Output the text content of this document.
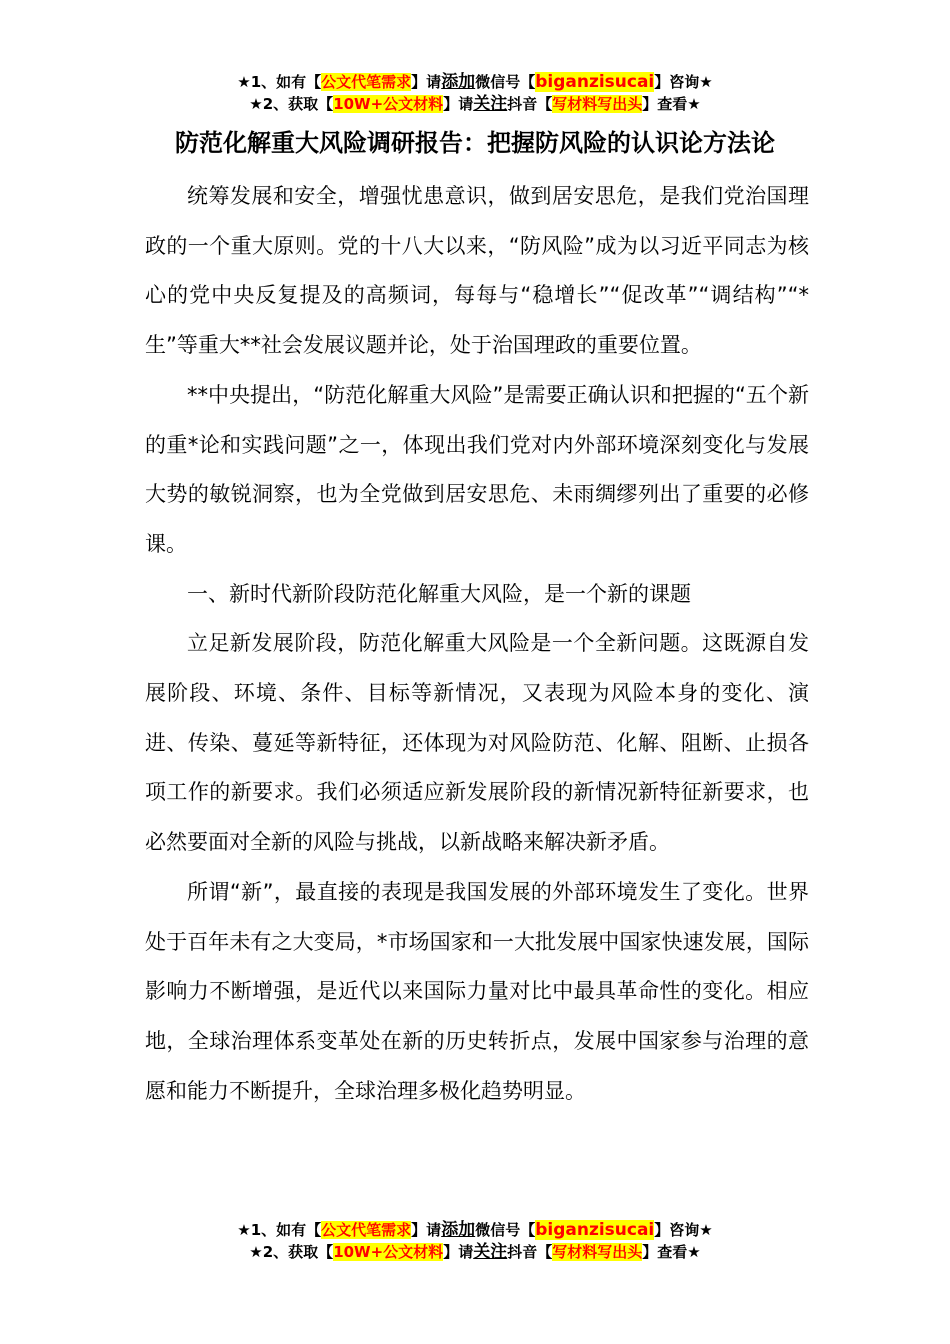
★1、如有【公文代笔需求】请添加微信号【biganzisucai】咨询★
★2、获取【10W+公文材料】请关注抖音【写材料写出头】查看★
防范化解重大风险调研报告：把握防风险的认识论方法论

统筹发展和安全，增强忧患意识，做到居安思危，是我们党治国理政的一个重大原则。党的十八大以来，“防风险”成为以习近平同志为核心的党中央反复提及的高频词，每每与“稳增长”“促改革”“调结构”“*生”等重大**社会发展议题并论，处于治国理政的重要位置。

**中央提出，“防范化解重大风险”是需要正确认识和把握的“五个新的重*论和实践问题”之一，体现出我们党对内外部环境深刻变化与发展大势的敏锐洞察，也为全党做到居安思危、未雨绸缪列出了重要的必修课。

一、新时代新阶段防范化解重大风险，是一个新的课题

立足新发展阶段，防范化解重大风险是一个全新问题。这既源自发展阶段、环境、条件、目标等新情况，又表现为风险本身的变化、演进、传染、蔓延等新特征，还体现为对风险防范、化解、阻断、止损各项工作的新要求。我们必须适应新发展阶段的新情况新特征新要求，也必然要面对全新的风险与挑战，以新战略来解决新矛盾。

所谓“新”，最直接的表现是我国发展的外部环境发生了变化。世界处于百年未有之大变局，*市场国家和一大批发展中国家快速发展，国际影响力不断增强，是近代以来国际力量对比中最具革命性的变化。相应地，全球治理体系变革处在新的历史转折点，发展中国家参与治理的意愿和能力不断提升，全球治理多极化趋势明显。

★1、如有【公文代笔需求】请添加微信号【biganzisucai】咨询★
★2、获取【10W+公文材料】请关注抖音【写材料写出头】查看★
